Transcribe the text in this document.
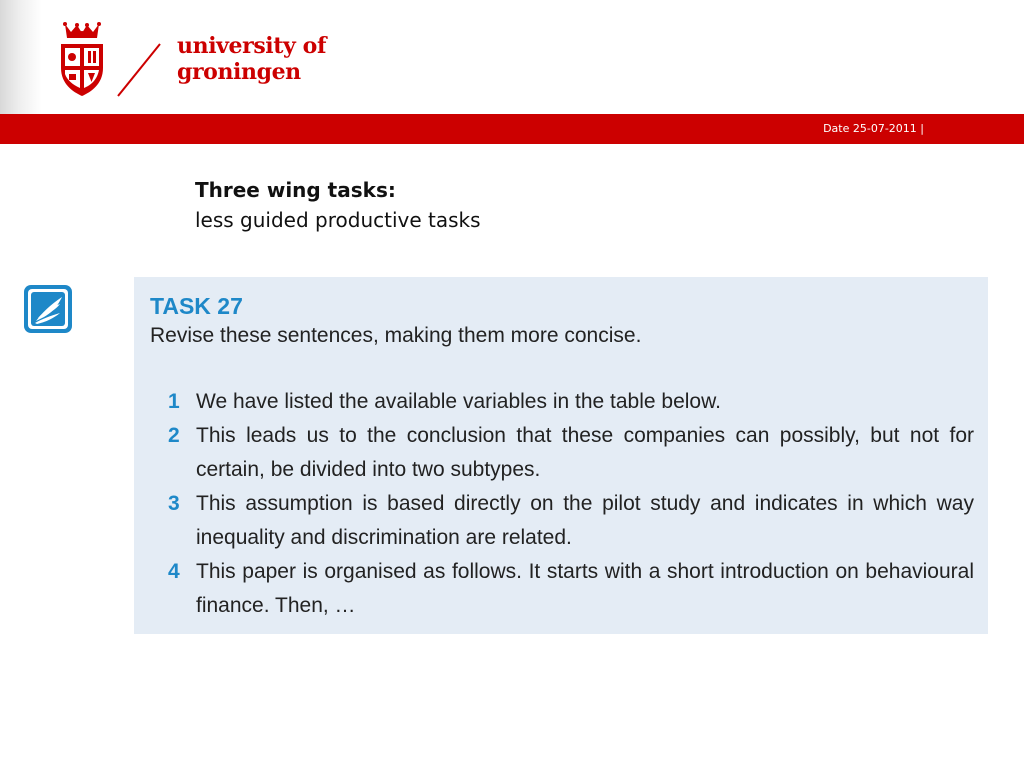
university of
groningen
Date 25-07-2011 |
Three wing tasks:
less guided productive tasks
TASK 27
Revise these sentences, making them more concise.
1 We have listed the available variables in the table below.
2 This leads us to the conclusion that these companies can possibly, but not for certain, be divided into two subtypes.
3 This assumption is based directly on the pilot study and indicates in which way inequality and discrimination are related.
4 This paper is organised as follows. It starts with a short introduction on behavioural finance. Then, …
